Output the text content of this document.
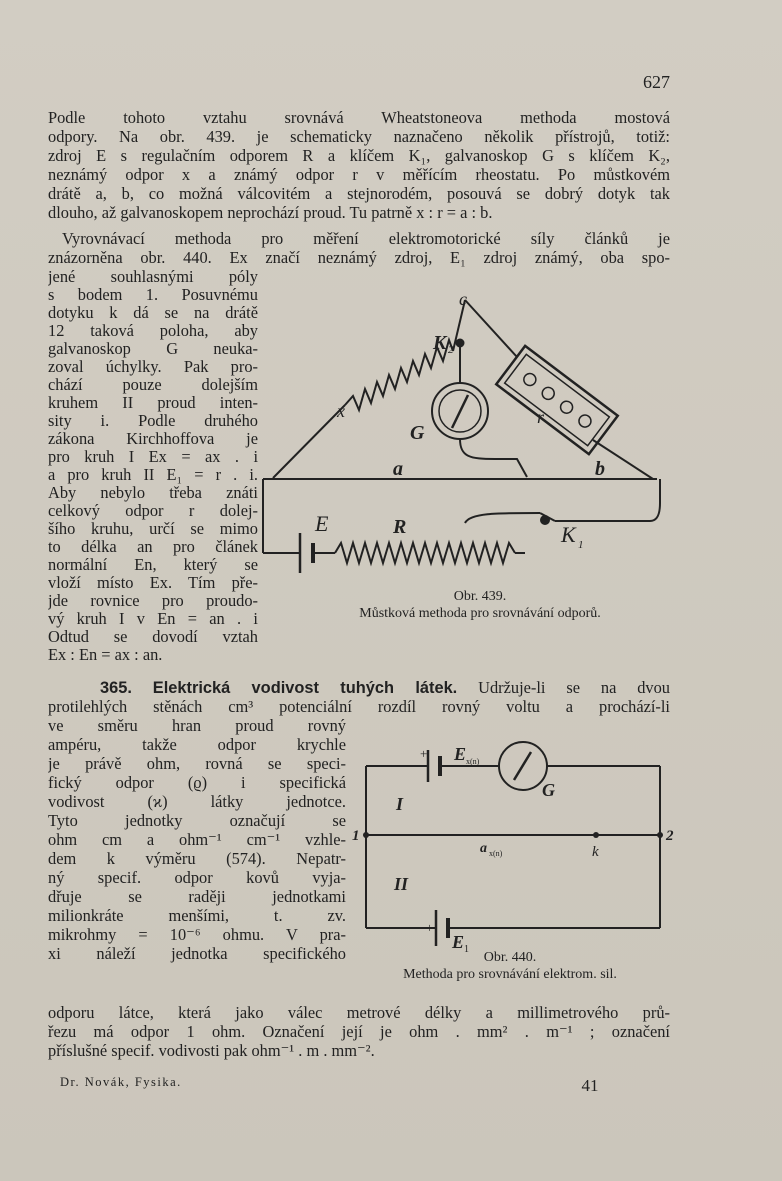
627
Podle tohoto vztahu srovnává Wheatstoneova methoda mostová
odpory. Na obr. 439. je schematicky naznačeno několik přístrojů, totiž:
zdroj E s regulačním odporem R a klíčem K₁, galvanoskop G s klíčem K₂,
neznámý odpor x a známý odpor r v měřícím rheostatu. Po můstkovém
drátě a, b, co možná válcovitém a stejnorodém, posouvá se dobrý dotyk tak
dlouho, až galvanoskopem neprochází proud. Tu patrně x : r = a : b.
Vyrovnávací methoda pro měření elektromotorické síly článků je
znázorněna obr. 440. Ex značí neznámý zdroj, E₁ zdroj známý, oba spo-
jené souhlasnými póly
s bodem 1. Posuvnému
dotyku k dá se na drátě
12 taková poloha, aby
galvanoskop G neuka-
zoval úchylky. Pak pro-
chází pouze dolejším
kruhem II proud inten-
sity i. Podle druhého
zákona Kirchhoffova je
pro kruh I Ex = ax . i
a pro kruh II E₁ = r . i.
Aby nebylo třeba znáti
celkový odpor r dolej-
šího kruhu, určí se mimo
to délka an pro článek
normální En, který se
vloží místo Ex. Tím pře-
jde rovnice pro proudo-
vý kruh I v En = an . i
Odtud se dovodí vztah
Ex : En = ax : an.
c
K 2
x	r
G
a	b
E	R	K 1
Obr. 439.
Můstková methoda pro srovnávání odporů.
365. Elektrická vodivost tuhých látek. Udržuje-li se na dvou
protilehlých stěnách cm³ potenciální rozdíl rovný voltu a prochází-li
ve směru hran proud rovný
ampéru, takže odpor krychle
je právě ohm, rovná se speci-
fický odpor (ϱ) i specifická
vodivost (ϰ) látky jednotce.
Tyto jednotky označují se
ohm cm a ohm⁻¹ cm⁻¹ vzhle-
dem k výměru (574). Nepatr-
ný specif. odpor kovů vyja-
dřuje se raději jednotkami
milionkráte menšími, t. zv.
mikrohmy = 10⁻⁶ ohmu. V pra-
xi náleží jednotka specifického
odporu látce, která jako válec metrové délky a millimetrového prů-
řezu má odpor 1 ohm. Označení její je ohm . mm² . m⁻¹ ; označení
příslušné specif. vodivosti pak ohm⁻¹ . m . mm⁻².
+ E x(n)
G
I
II
1	2
a x(n)	k
+
E 1
Obr. 440.
Methoda pro srovnávání elektrom. sil.
Dr. Novák, Fysika.	41
